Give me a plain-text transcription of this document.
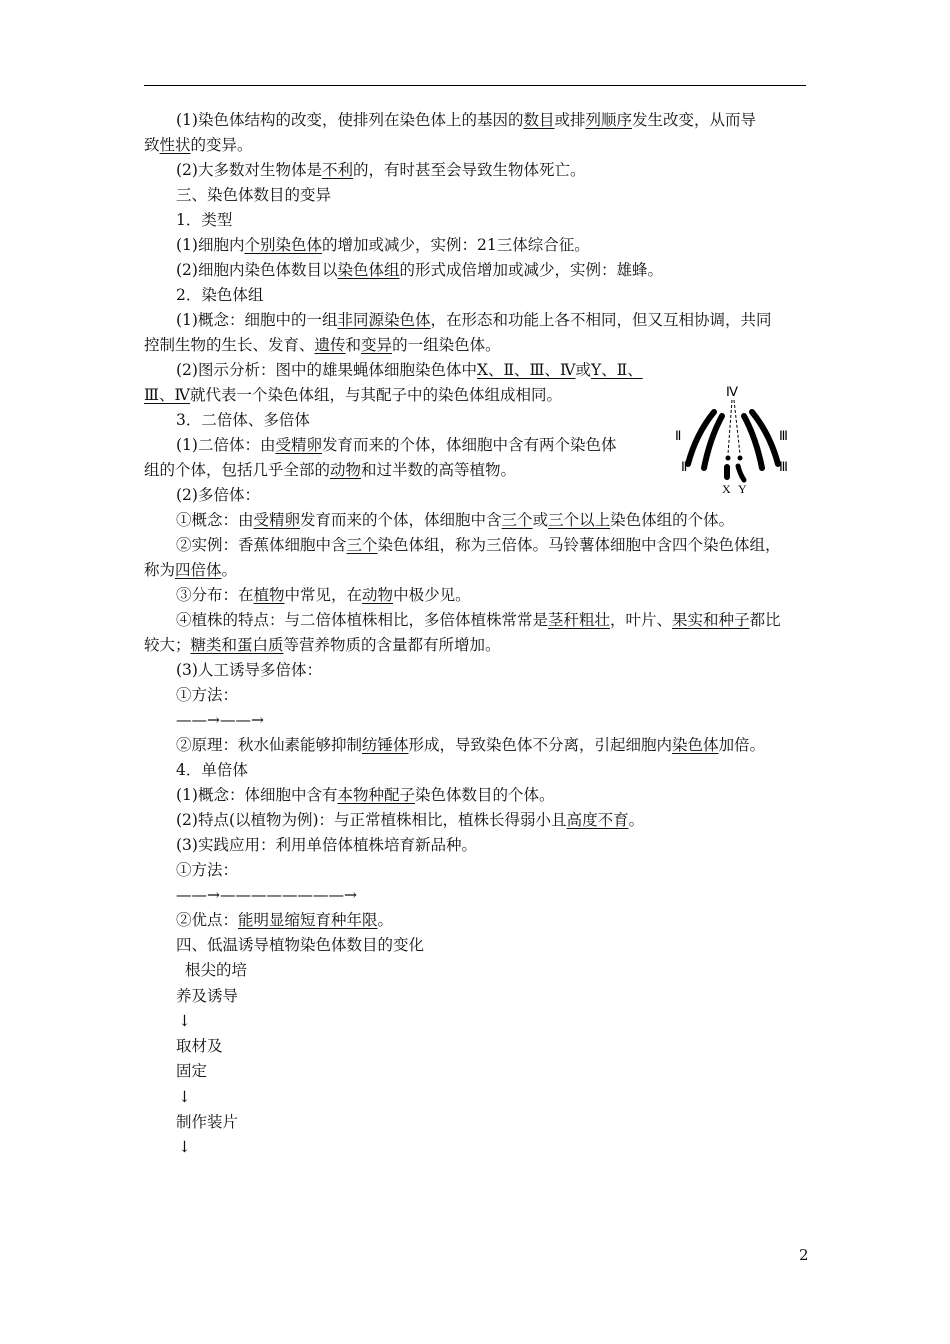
(1)染色体结构的改变，使排列在染色体上的基因的数目或排列顺序发生改变，从而导
致性状的变异。
(2)大多数对生物体是不利的，有时甚至会导致生物体死亡。
三、染色体数目的变异
1．类型
(1)细胞内个别染色体的增加或减少，实例：21三体综合征。
(2)细胞内染色体数目以染色体组的形式成倍增加或减少，实例：雄蜂。
2．染色体组
(1)概念：细胞中的一组非同源染色体，在形态和功能上各不相同，但又互相协调，共同
控制生物的生长、发育、遗传和变异的一组染色体。
(2)图示分析：图中的雄果蝇体细胞染色体中X、Ⅱ、Ⅲ、Ⅳ或Y、Ⅱ、
Ⅲ、Ⅳ就代表一个染色体组，与其配子中的染色体组成相同。
3．二倍体、多倍体
(1)二倍体：由受精卵发育而来的个体，体细胞中含有两个染色体
组的个体，包括几乎全部的动物和过半数的高等植物。
(2)多倍体：
①概念：由受精卵发育而来的个体，体细胞中含三个或三个以上染色体组的个体。
②实例：香蕉体细胞中含三个染色体组，称为三倍体。马铃薯体细胞中含四个染色体组，
称为四倍体。
③分布：在植物中常见，在动物中极少见。
④植株的特点：与二倍体植株相比，多倍体植株常常是茎秆粗壮，叶片、果实和种子都比
较大；糖类和蛋白质等营养物质的含量都有所增加。
(3)人工诱导多倍体：
①方法：
——→——→
②原理：秋水仙素能够抑制纺锤体形成，导致染色体不分离，引起细胞内染色体加倍。
4．单倍体
(1)概念：体细胞中含有本物种配子染色体数目的个体。
(2)特点(以植物为例)：与正常植株相比，植株长得弱小且高度不育。
(3)实践应用：利用单倍体植株培育新品种。
①方法：
——→————————→
②优点：能明显缩短育种年限。
四、低温诱导植物染色体数目的变化
根尖的培
养及诱导
↓
取材及
固定
↓
制作装片
↓
Ⅳ
Ⅱ
Ⅱ
Ⅲ
Ⅲ
X Y
2
